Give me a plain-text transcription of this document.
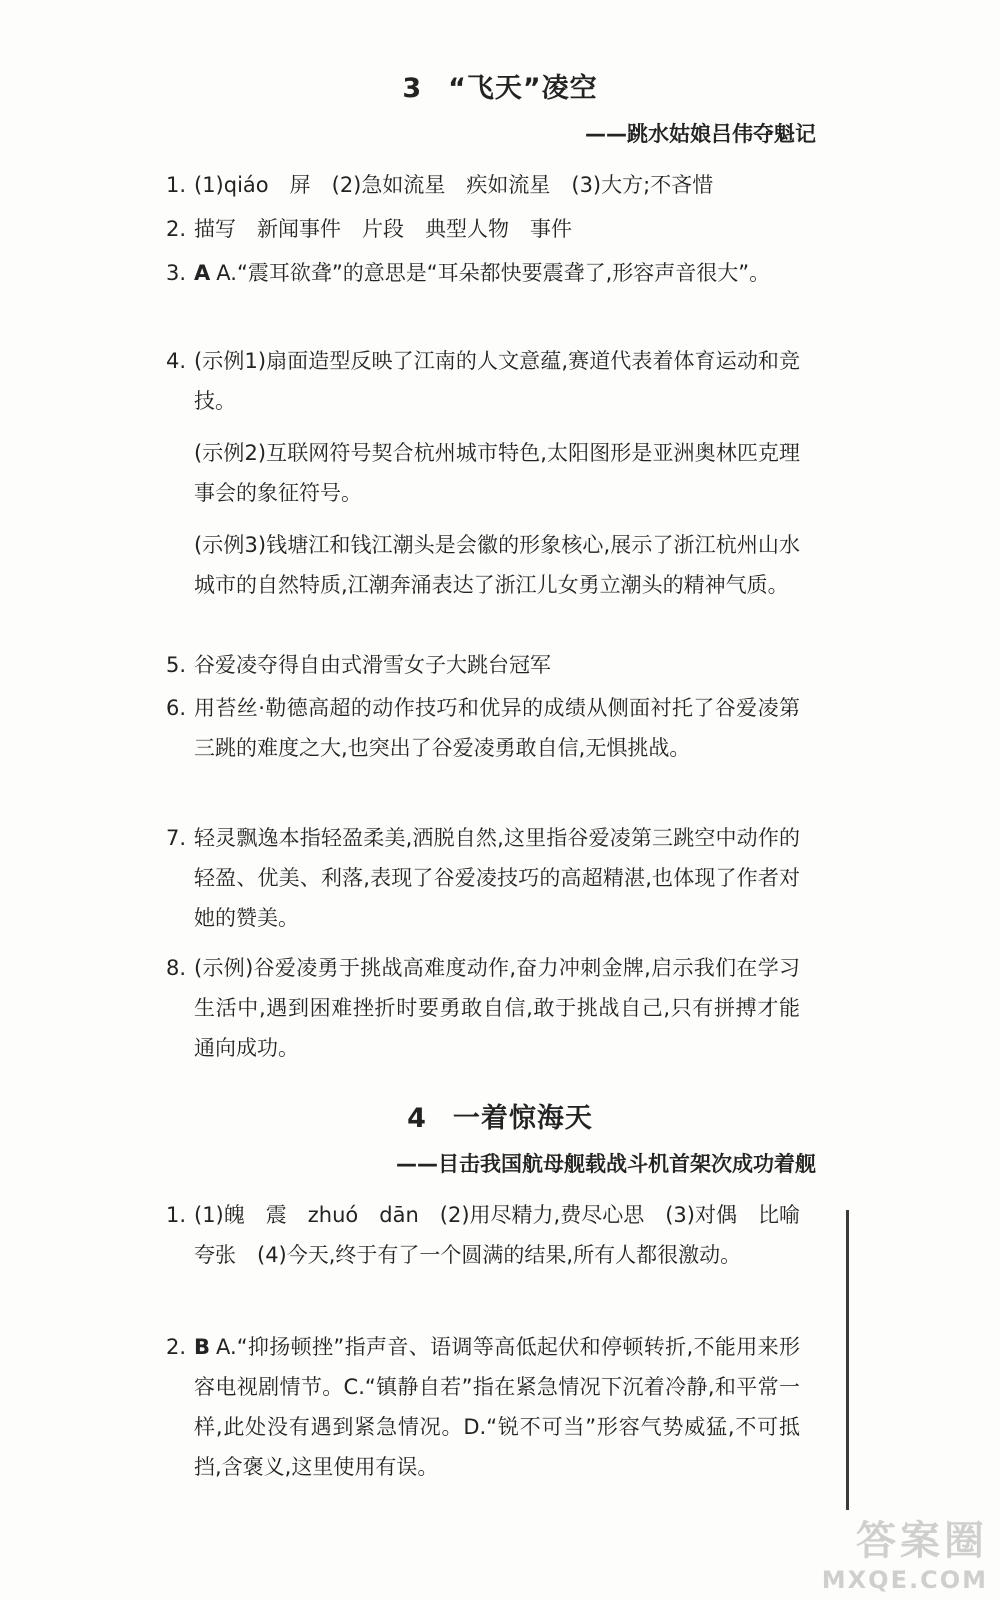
3 “飞天”凌空
——跳水姑娘吕伟夺魁记
1. (1)qiáo　屏　(2)急如流星　疾如流星　(3)大方;不吝惜
2. 描写　新闻事件　片段　典型人物　事件
3. A A.“震耳欲聋”的意思是“耳朵都快要震聋了,形容声音很大”。
4. (示例1)扇面造型反映了江南的人文意蕴,赛道代表着体育运动和竞技。
(示例2)互联网符号契合杭州城市特色,太阳图形是亚洲奥林匹克理事会的象征符号。
(示例3)钱塘江和钱江潮头是会徽的形象核心,展示了浙江杭州山水城市的自然特质,江潮奔涌表达了浙江儿女勇立潮头的精神气质。
5. 谷爱凌夺得自由式滑雪女子大跳台冠军
6. 用苔丝·勒德高超的动作技巧和优异的成绩从侧面衬托了谷爱凌第三跳的难度之大,也突出了谷爱凌勇敢自信,无惧挑战。
7. 轻灵飘逸本指轻盈柔美,洒脱自然,这里指谷爱凌第三跳空中动作的轻盈、优美、利落,表现了谷爱凌技巧的高超精湛,也体现了作者对她的赞美。
8. (示例)谷爱凌勇于挑战高难度动作,奋力冲刺金牌,启示我们在学习生活中,遇到困难挫折时要勇敢自信,敢于挑战自己,只有拼搏才能通向成功。
4 一着惊海天
——目击我国航母舰载战斗机首架次成功着舰
1. (1)魄　震　zhuó　dān　(2)用尽精力,费尽心思　(3)对偶　比喻　夸张　(4)今天,终于有了一个圆满的结果,所有人都很激动。
2. B A.“抑扬顿挫”指声音、语调等高低起伏和停顿转折,不能用来形容电视剧情节。C.“镇静自若”指在紧急情况下沉着冷静,和平常一样,此处没有遇到紧急情况。D.“锐不可当”形容气势威猛,不可抵挡,含褒义,这里使用有误。
答案圈
MXQE.COM
